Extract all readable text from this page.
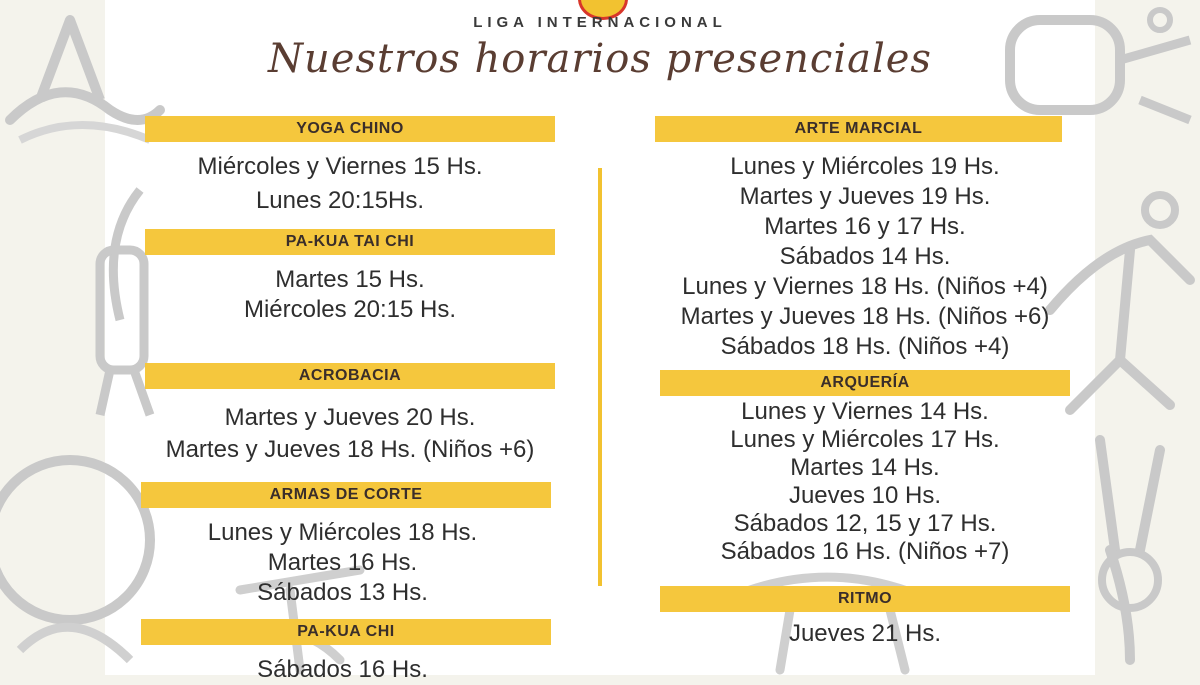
LIGA INTERNACIONAL
Nuestros horarios presenciales
YOGA CHINO
Miércoles y Viernes 15 Hs.
Lunes 20:15Hs.
PA-KUA TAI CHI
Martes 15 Hs.
Miércoles 20:15 Hs.
ACROBACIA
Martes y Jueves 20 Hs.
Martes y Jueves 18 Hs. (Niños +6)
ARMAS DE CORTE
Lunes y Miércoles 18 Hs.
Martes 16 Hs.
Sábados 13 Hs.
PA-KUA CHI
Sábados 16 Hs.
ARTE MARCIAL
Lunes y Miércoles 19 Hs.
Martes y Jueves 19 Hs.
Martes 16 y 17 Hs.
Sábados 14 Hs.
Lunes y Viernes 18 Hs. (Niños +4)
Martes y Jueves 18 Hs. (Niños +6)
Sábados 18 Hs. (Niños +4)
ARQUERÍA
Lunes y Viernes 14 Hs.
Lunes y Miércoles 17 Hs.
Martes 14 Hs.
Jueves 10 Hs.
Sábados 12, 15 y 17 Hs.
Sábados 16 Hs. (Niños +7)
RITMO
Jueves 21 Hs.
